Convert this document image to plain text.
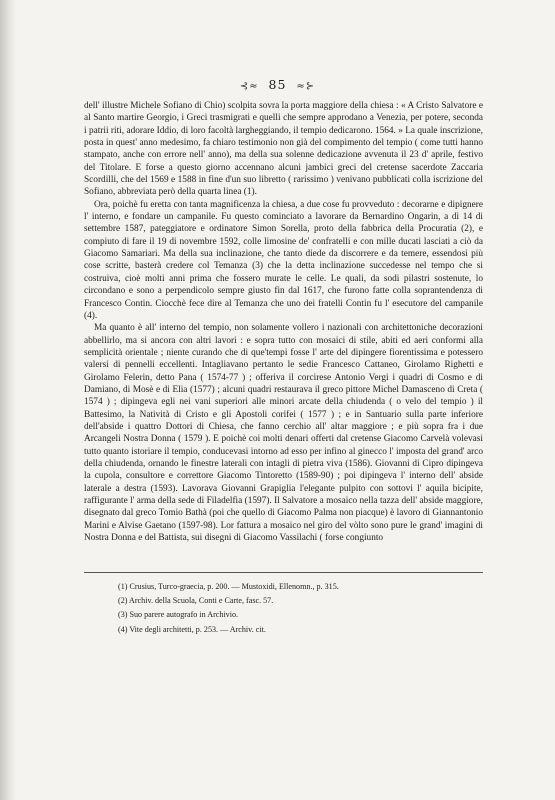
⊰≈ 85 ≈⊱

dell' illustre Michele Sofiano di Chio) scolpita sovra la porta maggiore della chiesa : « A Cristo Salvatore e al Santo martire Georgio, i Greci trasmigrati e quelli che sempre approdano a Venezia, per potere, seconda i patrii riti, adorare Iddio, di loro facoltà largheggiando, il tempio dedicarono. 1564. » La quale inscrizione, posta in quest' anno medesimo, fa chiaro testimonio non già del compimento del tempio ( come tutti hanno stampato, anche con errore nell' anno), ma della sua solenne dedicazione avvenuta il 23 d' aprile, festivo del Titolare. E forse a questo giorno accennano alcuni jambici greci del cretense sacerdote Zaccaria Scordilli, che del 1569 e 1588 in fine d'un suo libretto ( rarissimo ) venivano pubblicati colla iscrizione del Sofiano, abbreviata però della quarta linea (1).

Ora, poichè fu eretta con tanta magnificenza la chiesa, a due cose fu provveduto : decorarne e dipignere l' interno, e fondare un campanile. Fu questo cominciato a lavorare da Bernardino Ongarin, a dì 14 di settembre 1587, pateggiatore e ordinatore Simon Sorella, proto della fabbrica della Procuratia (2), e compiuto di fare il 19 di novembre 1592, colle limosine de' confratelli e con mille ducati lasciati a ciò da Giacomo Samariari. Ma della sua inclinazione, che tanto diede da discorrere e da temere, essendosi più cose scritte, basterà credere col Temanza (3) che la detta inclinazione succedesse nel tempo che si costruiva, cioè molti anni prima che fossero murate le celle. Le quali, da sodi pilastri sostenute, lo circondano e sono a perpendicolo sempre giusto fin dal 1617, che furono fatte colla soprantendenza di Francesco Contin. Ciocchè fece dire al Temanza che uno dei fratelli Contin fu l' esecutore del campanile (4).

Ma quanto è all' interno del tempio, non solamente vollero i nazionali con architettoniche decorazioni abbellirlo, ma si ancora con altri lavori : e sopra tutto con mosaici di stile, abiti ed aeri conformi alla semplicità orientale ; niente curando che di que'tempi fosse l' arte del dipingere fiorentissima e potessero valersi di pennelli eccellenti. Intagliavano pertanto le sedie Francesco Cattaneo, Girolamo Righetti e Girolamo Felerin, detto Pana ( 1574-77 ) ; offeriva il corcirese Antonio Vergi i quadri di Cosmo e di Damiano, di Mosè e di Elia (1577) ; alcuni quadri restaurava il greco pittore Michel Damasceno di Creta ( 1574 ) ; dipingeva egli nei vani superiori alle minori arcate della chiudenda ( o velo del tempio ) il Battesimo, la Natività di Cristo e gli Apostoli corifei ( 1577 ) ; e in Santuario sulla parte inferiore dell'abside i quattro Dottori di Chiesa, che fanno cerchio all' altar maggiore ; e più sopra fra i due Arcangeli Nostra Donna ( 1579 ). E poichè coi molti denari offerti dal cretense Giacomo Carvelà volevasi tutto quanto istoriare il tempio, conducevasi intorno ad esso per infino al ginecco l' imposta del grand' arco della chiudenda, ornando le finestre laterali con intagli di pietra viva (1586). Giovanni di Cipro dipingeva la cupola, consultore e correttore Giacomo Tintoretto (1589-90) ; poi dipingeva l' interno dell' abside laterale a destra (1593). Lavorava Giovanni Grapiglia l'elegante pulpito con sottovi l' aquila bicipite, raffigurante l' arma della sede di Filadelfia (1597). Il Salvatore a mosaico nella tazza dell' abside maggiore, disegnato dal greco Tomio Bathà (poi che quello di Giacomo Palma non piacque) è lavoro di Giannantonio Marini e Alvise Gaetano (1597-98). Lor fattura a mosaico nel giro del vòlto sono pure le grand' imagini di Nostra Donna e del Battista, sui disegni di Giacomo Vassilachi ( forse congiunto

(1) Crusius, Turco-graecia, p. 200. — Mustoxidi, Ellenomn., p. 315.
(2) Archiv. della Scuola, Conti e Carte, fasc. 57.
(3) Suo parere autografo in Archivio.
(4) Vite degli architetti, p. 253. — Archiv. cit.
